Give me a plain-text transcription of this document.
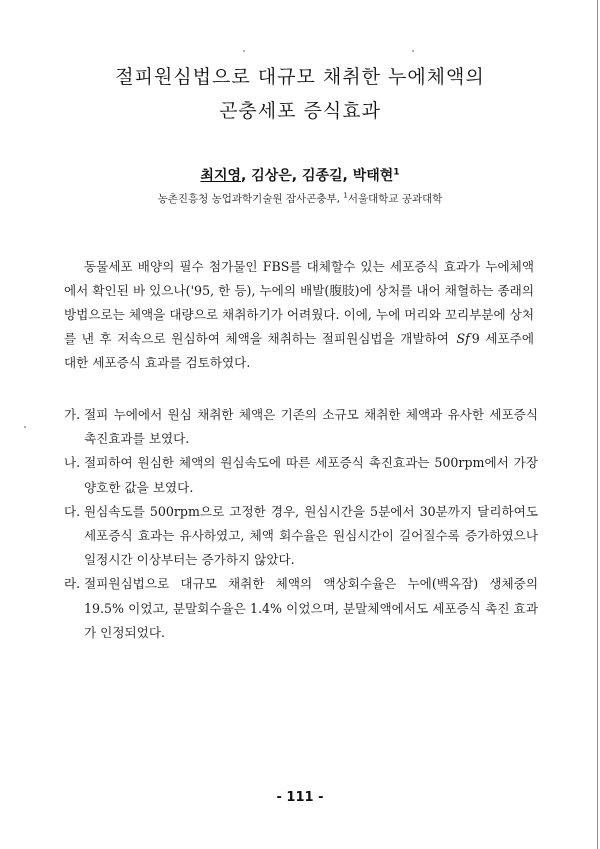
절피원심법으로 대규모 채취한 누에체액의
곤충세포 증식효과
최지영, 김상은, 김종길, 박태현$^1$
농촌진흥청 농업과학기술원 잠사곤충부, $^1$서울대학교 공과대학

동물세포 배양의 필수 첨가물인 FBS를 대체할수 있는 세포증식 효과가 누에체액에서 확인된 바 있으나('95, 한 등), 누에의 배발(腹肢)에 상처를 내어 채혈하는 종래의 방법으로는 체액을 대량으로 채취하기가 어려웠다. 이에, 누에 머리와 꼬리부분에 상처를 낸 후 저속으로 원심하여 체액을 채취하는 절피원심법을 개발하여 Sf 9 세포주에 대한 세포증식 효과를 검토하였다.

가. 절피 누에에서 원심 채취한 체액은 기존의 소규모 채취한 체액과 유사한 세포증식 촉진효과를 보였다.
나. 절피하여 원심한 체액의 원심속도에 따른 세포증식 촉진효과는 500rpm에서 가장 양호한 값을 보였다.
다. 원심속도를 500rpm으로 고정한 경우, 원심시간을 5분에서 30분까지 달리하여도 세포증식 효과는 유사하였고, 체액 회수율은 원심시간이 길어질수록 증가하였으나 일정시간 이상부터는 증가하지 않았다.
라. 절피원심법으로 대규모 채취한 체액의 액상회수율은 누에(백옥잠) 생체중의 19.5% 이었고, 분말회수율은 1.4% 이었으며, 분말체액에서도 세포증식 촉진 효과가 인정되었다.
- 111 -
